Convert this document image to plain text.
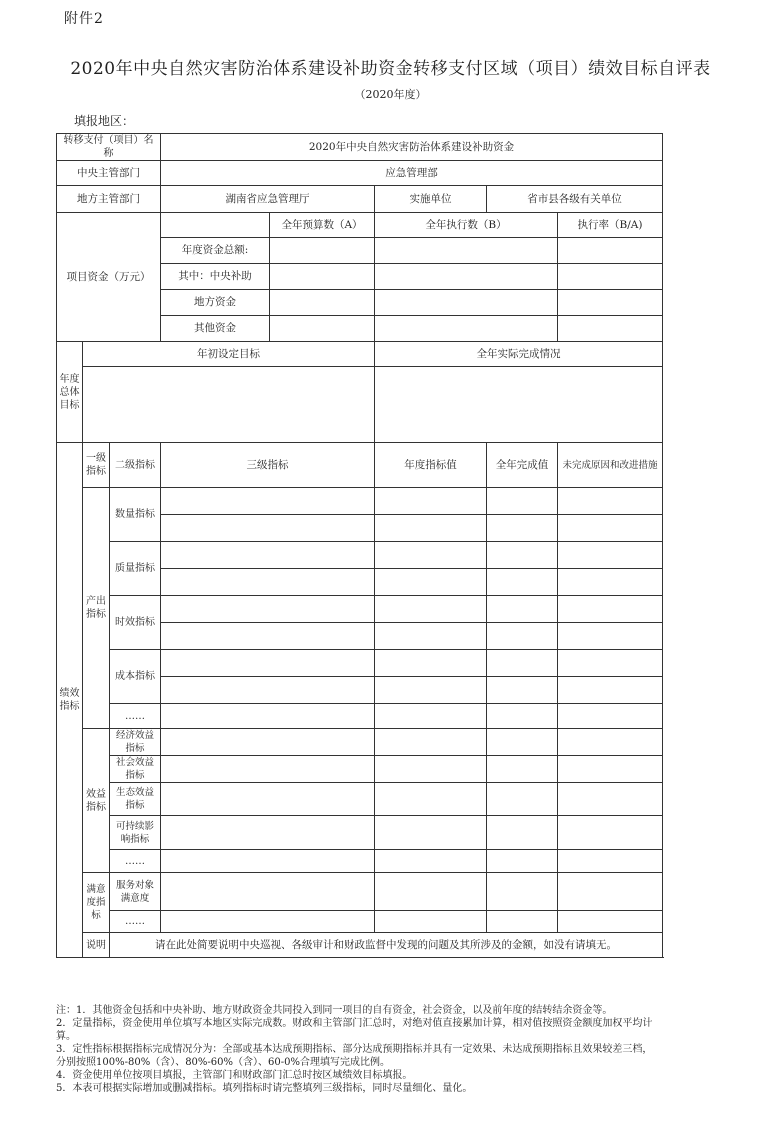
附件2
2020年中央自然灾害防治体系建设补助资金转移支付区域（项目）绩效目标自评表
（2020年度）
填报地区：
转移支付（项目）名称			2020年中央自然灾害防治体系建设补助资金				
中央主管部门			应急管理部				
地方主管部门			湖南省应急管理厅		实施单位	省市县各级有关单位	
项目资金（万元）				全年预算数（A）	全年执行数（B）		执行率（B/A)
			年度资金总额:				
			其中：中央补助				
			地方资金				
			其他资金				
年度总体目标	年初设定目标				全年实际完成情况		

绩效指标	一级指标	二级指标	三级指标		年度指标值	全年完成值	未完成原因和改进措施
	产出指标	数量指标					

		质量指标					

		时效指标					

		成本指标					

		……					
	效益指标	经济效益指标					
		社会效益指标					
		生态效益指标					
		可持续影响指标					
		……					
	满意度指标	服务对象满意度					
		……					
	说明	请在此处简要说明中央巡视、各级审计和财政监督中发现的问题及其所涉及的金额，如没有请填无。					

注：1．其他资金包括和中央补助、地方财政资金共同投入到同一项目的自有资金，社会资金，以及前年度的结转结余资金等。

2．定量指标，资金使用单位填写本地区实际完成数。财政和主管部门汇总时，对绝对值直接累加计算，相对值按照资金额度加权平均计算。

3．定性指标根据指标完成情况分为：全部或基本达成预期指标、部分达成预期指标并具有一定效果、未达成预期指标且效果较差三档，分别按照100%-80%（含）、80%-60%（含）、60-0%合理填写完成比例。

4．资金使用单位按项目填报，主管部门和财政部门汇总时按区域绩效目标填报。

5．本表可根据实际增加或删减指标。填列指标时请完整填列三级指标，同时尽量细化、量化。
